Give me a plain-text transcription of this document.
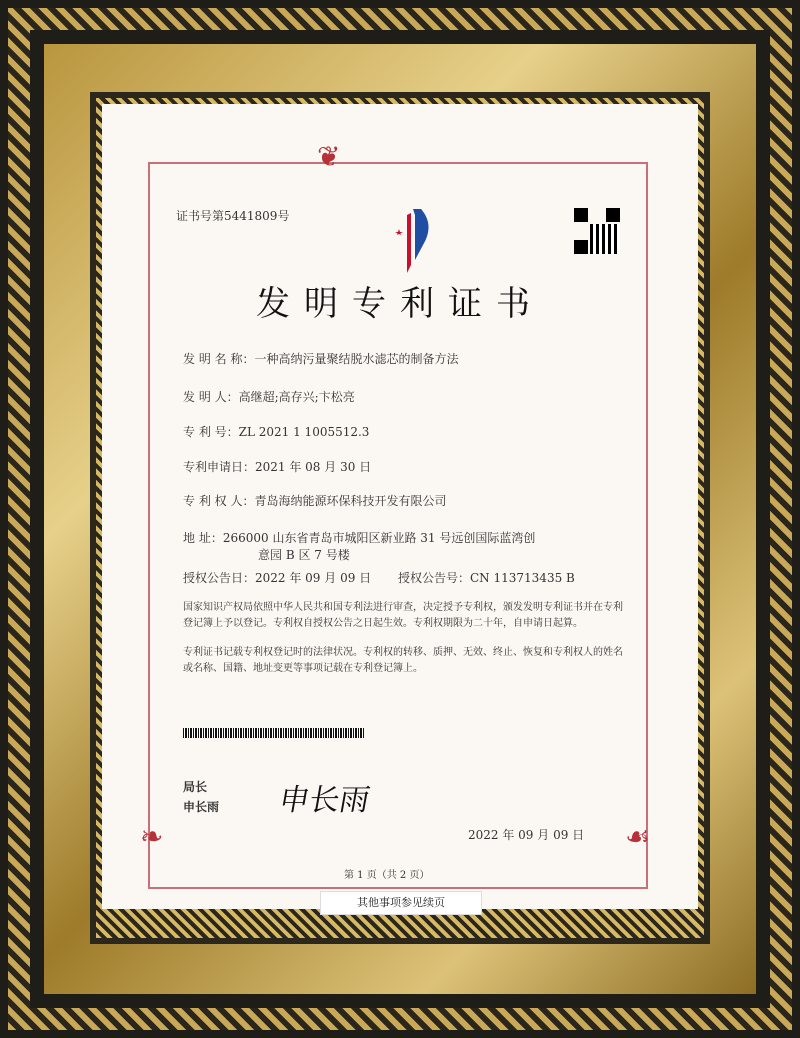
❦
❧	☙
证书号第5441809号
发明专利证书
发 明 名 称：一种高纳污量聚结脱水滤芯的制备方法
发 明 人：高继超;高存兴;卞松亮
专 利 号：ZL 2021 1 1005512.3
专利申请日：2021 年 08 月 30 日
专 利 权 人：青岛海纳能源环保科技开发有限公司
地 址：266000 山东省青岛市城阳区新业路 31 号远创国际蓝湾创
意园 B 区 7 号楼
授权公告日：2022 年 09 月 09 日 授权公告号：CN 113713435 B
国家知识产权局依照中华人民共和国专利法进行审查，决定授予专利权，颁发发明专利证书并在专利登记簿上予以登记。专利权自授权公告之日起生效。专利权期限为二十年，自申请日起算。
专利证书记载专利权登记时的法律状况。专利权的转移、质押、无效、终止、恢复和专利权人的姓名或名称、国籍、地址变更等事项记载在专利登记簿上。
局长
申长雨 申长雨
2022 年 09 月 09 日
第 1 页（共 2 页）
其他事项参见续页
